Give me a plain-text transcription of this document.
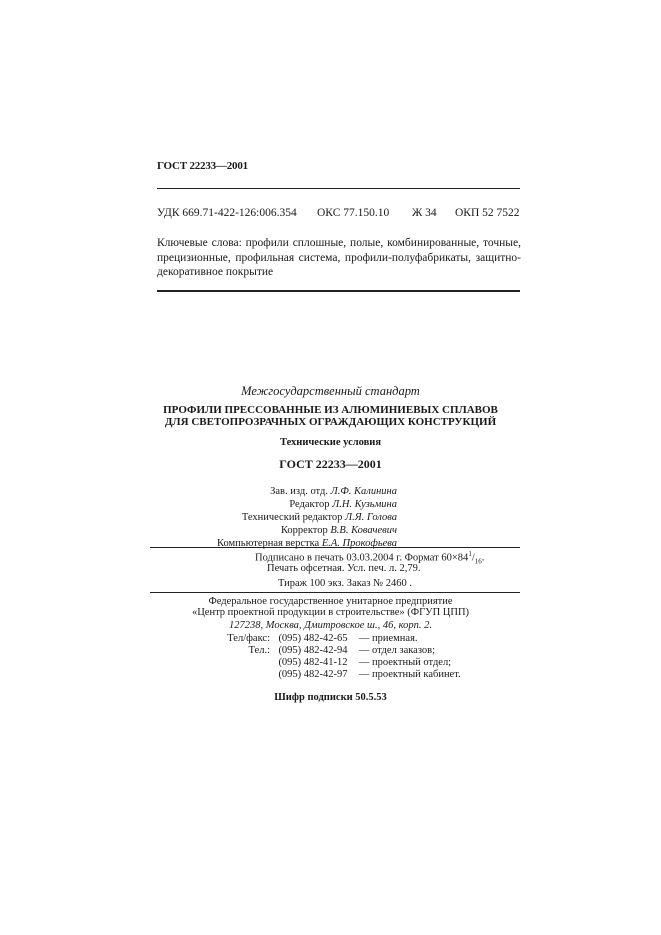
ГОСТ 22233—2001
УДК 669.71-422-126:006.354 ОКС 77.150.10 Ж 34 ОКП 52 7522
Ключевые слова: профили сплошные, полые, комбинированные, точные, прецизионные, профильная система, профили-полуфабрикаты, защитно-декоративное покрытие
Межгосударственный стандарт
ПРОФИЛИ ПРЕССОВАННЫЕ ИЗ АЛЮМИНИЕВЫХ СПЛАВОВ
ДЛЯ СВЕТОПРОЗРАЧНЫХ ОГРАЖДАЮЩИХ КОНСТРУКЦИЙ
Технические условия
ГОСТ 22233—2001
Зав. изд. отд. Л.Ф. Калинина
Редактор Л.Н. Кузьмина
Технический редактор Л.Я. Голова
Корректор В.В. Ковачевич
Компьютерная верстка Е.А. Прокофьева
Подписано в печать 03.03.2004 г. Формат $60\times 84^1/_{16}$.
Печать офсетная. Усл. печ. л. 2,79.
Тираж 100 экз. Заказ № 2460 .
Федеральное государственное унитарное предприятие
«Центр проектной продукции в строительстве» (ФГУП ЦПП)
127238, Москва, Дмитровское ш., 46, корп. 2.
Тел/факс: (095) 482-42-65	— приемная.
Тел.: (095) 482-42-94	— отдел заказов;
(095) 482-41-12	— проектный отдел;
(095) 482-42-97	— проектный кабинет.
Шифр подписки 50.5.53
